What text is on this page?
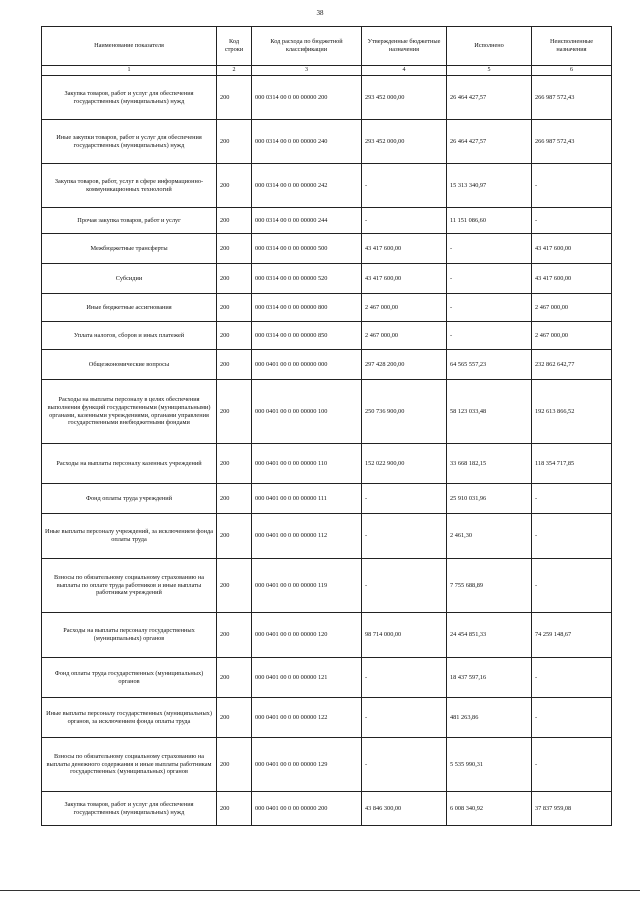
38
Наименование показателя	Код строки	Код расхода по бюджетной классификации	Утвержденные бюджетные назначения	Исполнено	Неисполненные назначения
1	2	3	4	5	6
Закупка товаров, работ и услуг для обеспечения государственных (муниципальных) нужд	200	000 0314 00 0 00 00000 200	293 452 000,00	26 464 427,57	266 987 572,43
Иные закупки товаров, работ и услуг для обеспечения государственных (муниципальных) нужд	200	000 0314 00 0 00 00000 240	293 452 000,00	26 464 427,57	266 987 572,43
Закупка товаров, работ, услуг в сфере информационно-коммуникационных технологий	200	000 0314 00 0 00 00000 242	-	15 313 340,97	-
Прочая закупка товаров, работ и услуг	200	000 0314 00 0 00 00000 244	-	11 151 086,60	-
Межбюджетные трансферты	200	000 0314 00 0 00 00000 500	43 417 600,00	-	43 417 600,00
Субсидии	200	000 0314 00 0 00 00000 520	43 417 600,00	-	43 417 600,00
Иные бюджетные ассигнования	200	000 0314 00 0 00 00000 800	2 467 000,00	-	2 467 000,00
Уплата налогов, сборов и иных платежей	200	000 0314 00 0 00 00000 850	2 467 000,00	-	2 467 000,00
Общеэкономические вопросы	200	000 0401 00 0 00 00000 000	297 428 200,00	64 565 557,23	232 862 642,77
Расходы на выплаты персоналу в целях обеспечения выполнения функций государственными (муниципальными) органами, казенными учреждениями, органами управления государственными внебюджетными фондами	200	000 0401 00 0 00 00000 100	250 736 900,00	58 123 033,48	192 613 866,52
Расходы на выплаты персоналу казенных учреждений	200	000 0401 00 0 00 00000 110	152 022 900,00	33 668 182,15	118 354 717,85
Фонд оплаты труда учреждений	200	000 0401 00 0 00 00000 111	-	25 910 031,96	-
Иные выплаты персоналу учреждений, за исключением фонда оплаты труда	200	000 0401 00 0 00 00000 112	-	2 461,30	-
Взносы по обязательному социальному страхованию на выплаты по оплате труда работников и иные выплаты работникам учреждений	200	000 0401 00 0 00 00000 119	-	7 755 688,89	-
Расходы на выплаты персоналу государственных (муниципальных) органов	200	000 0401 00 0 00 00000 120	98 714 000,00	24 454 851,33	74 259 148,67
Фонд оплаты труда государственных (муниципальных) органов	200	000 0401 00 0 00 00000 121	-	18 437 597,16	-
Иные выплаты персоналу государственных (муниципальных) органов, за исключением фонда оплаты труда	200	000 0401 00 0 00 00000 122	-	481 263,86	-
Взносы по обязательному социальному страхованию на выплаты денежного содержания и иные выплаты работникам государственных (муниципальных) органов	200	000 0401 00 0 00 00000 129	-	5 535 990,31	-
Закупка товаров, работ и услуг для обеспечения государственных (муниципальных) нужд	200	000 0401 00 0 00 00000 200	43 846 300,00	6 008 340,92	37 837 959,08
